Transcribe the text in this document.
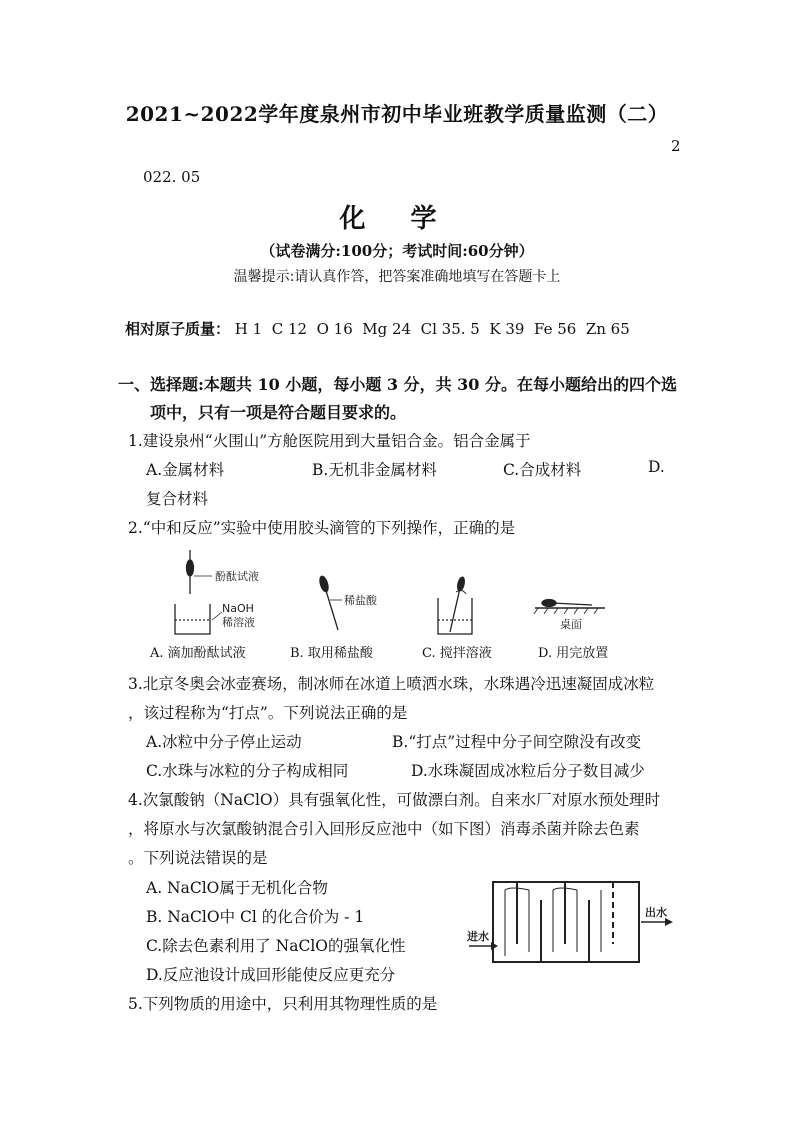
2021~2022学年度泉州市初中毕业班教学质量监测（二）
2
022. 05
化 学
（试卷满分:100分；考试时间:60分钟）
温馨提示:请认真作答，把答案准确地填写在答题卡上
相对原子质量： H 1  C 12  O 16  Mg 24  Cl 35. 5  K 39  Fe 56  Zn 65
一、选择题:本题共 10 小题，每小题 3 分，共 30 分。在每小题给出的四个选
项中，只有一项是符合题目要求的。
1.建设泉州“火围山”方舱医院用到大量铝合金。铝合金属于
A.金属材料	B.无机非金属材料	C.合成材料	D.
复合材料
2.“中和反应”实验中使用胶头滴管的下列操作，正确的是
酚酞试液
NaOH
稀溶液
稀盐酸
桌面
A. 滴加酚酞试液	B. 取用稀盐酸	C. 搅拌溶液	D. 用完放置
3.北京冬奥会冰壶赛场，制冰师在冰道上喷洒水珠，水珠遇冷迅速凝固成冰粒
，该过程称为“打点”。下列说法正确的是
A.冰粒中分子停止运动	B.“打点”过程中分子间空隙没有改变
C.水珠与冰粒的分子构成相同	D.水珠凝固成冰粒后分子数目减少
4.次氯酸钠（NaClO）具有强氧化性，可做漂白剂。自来水厂对原水预处理时
，将原水与次氯酸钠混合引入回形反应池中（如下图）消毒杀菌并除去色素
。下列说法错误的是
A. NaClO属于无机化合物
B. NaClO中 Cl 的化合价为 - 1
C.除去色素利用了 NaClO的强氧化性
D.反应池设计成回形能使反应更充分
进水
出水
5.下列物质的用途中，只利用其物理性质的是
